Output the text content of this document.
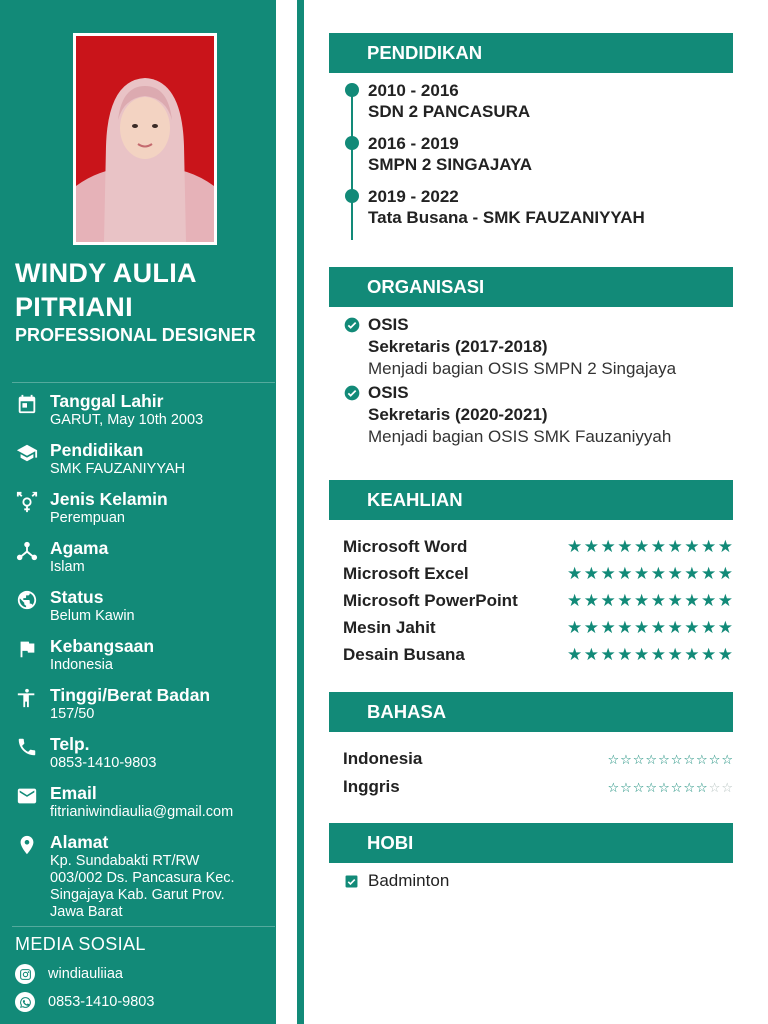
WINDY AULIA
PITRIANI
PROFESSIONAL DESIGNER
Tanggal Lahir
GARUT, May 10th 2003
Pendidikan
SMK FAUZANIYYAH
Jenis Kelamin
Perempuan
Agama
Islam
Status
Belum Kawin
Kebangsaan
Indonesia
Tinggi/Berat Badan
157/50
Telp.
0853-1410-9803
Email
fitrianiwindiaulia@gmail.com
Alamat
Kp. Sundabakti RT/RW
003/002 Ds. Pancasura Kec.
Singajaya Kab. Garut Prov.
Jawa Barat
MEDIA SOSIAL
windiauliiaa
0853-1410-9803
PENDIDIKAN
2010 - 2016
SDN 2 PANCASURA
2016 - 2019
SMPN 2 SINGAJAYA
2019 - 2022
Tata Busana - SMK FAUZANIYYAH
ORGANISASI
OSIS
Sekretaris (2017-2018)
Menjadi bagian OSIS SMPN 2 Singajaya
OSIS
Sekretaris (2020-2021)
Menjadi bagian OSIS SMK Fauzaniyyah
KEAHLIAN
Microsoft Word	★ ★ ★ ★ ★ ★ ★ ★ ★ ★
Microsoft Excel	★ ★ ★ ★ ★ ★ ★ ★ ★ ★
Microsoft PowerPoint	★ ★ ★ ★ ★ ★ ★ ★ ★ ★
Mesin Jahit	★ ★ ★ ★ ★ ★ ★ ★ ★ ★
Desain Busana	★ ★ ★ ★ ★ ★ ★ ★ ★ ★
BAHASA
Indonesia	☆ ☆ ☆ ☆ ☆ ☆ ☆ ☆ ☆ ☆
Inggris	☆ ☆ ☆ ☆ ☆ ☆ ☆ ☆ ☆ ☆
HOBI
Badminton
